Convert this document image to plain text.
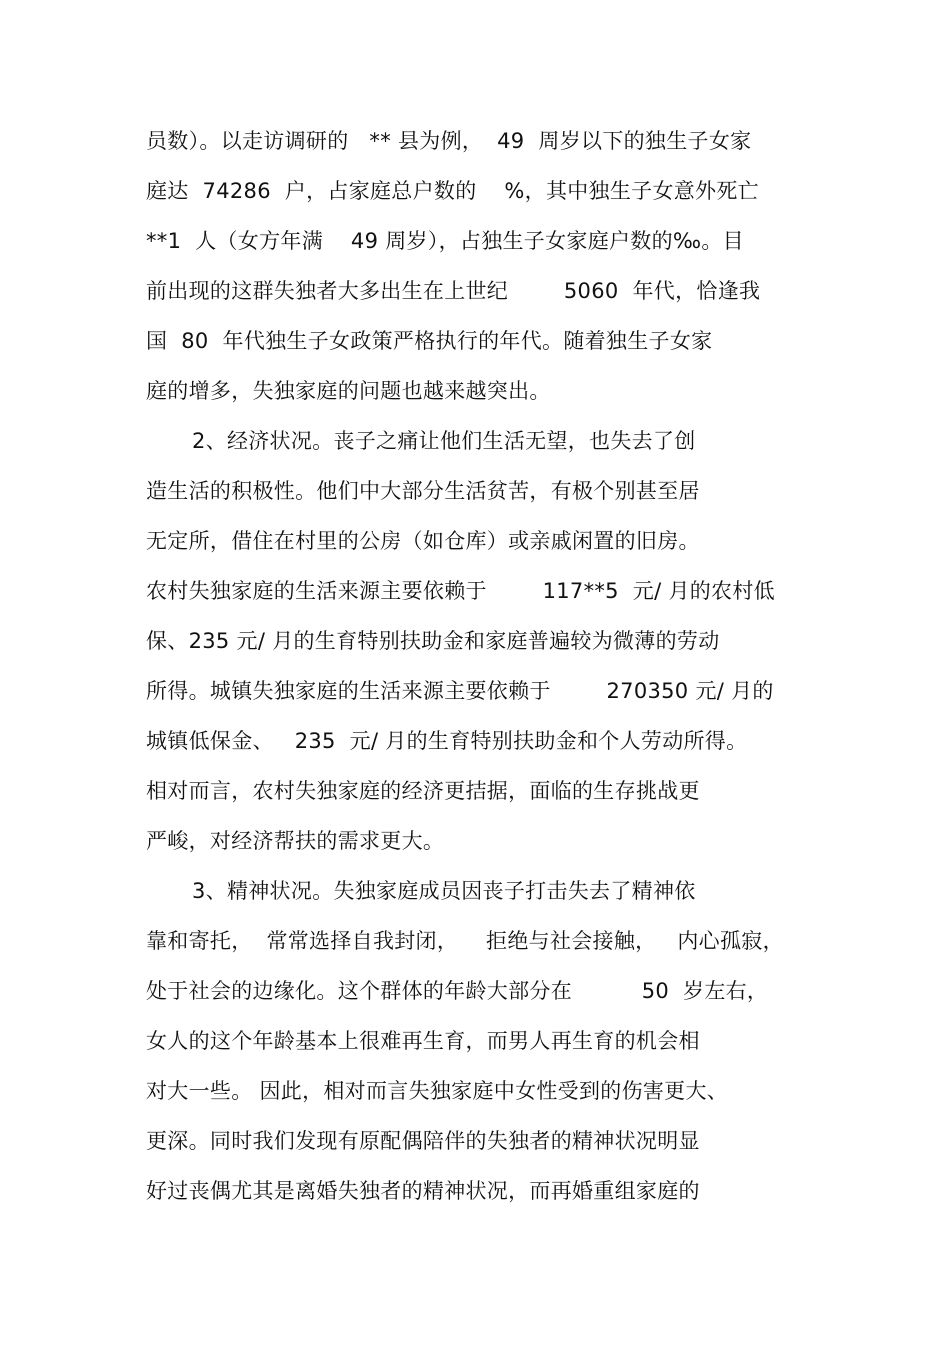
员数）。以走访调研的   ** 县为例，  49  周岁以下的独生子女家
庭达  74286  户，占家庭总户数的    %，其中独生子女意外死亡
**1  人（女方年满    49 周岁），占独生子女家庭户数的‰。目
前出现的这群失独者大多出生在上世纪        5060  年代，恰逢我
国  80  年代独生子女政策严格执行的年代。随着独生子女家
庭的增多，失独家庭的问题也越来越突出。
2、经济状况。丧子之痛让他们生活无望，也失去了创
造生活的积极性。他们中大部分生活贫苦，有极个别甚至居
无定所，借住在村里的公房（如仓库）或亲戚闲置的旧房。
农村失独家庭的生活来源主要依赖于        117**5  元/ 月的农村低
保、235 元/ 月的生育特别扶助金和家庭普遍较为微薄的劳动
所得。城镇失独家庭的生活来源主要依赖于        270350 元/ 月的
城镇低保金、   235  元/ 月的生育特别扶助金和个人劳动所得。
相对而言，农村失独家庭的经济更拮据，面临的生存挑战更
严峻，对经济帮扶的需求更大。
3、精神状况。失独家庭成员因丧子打击失去了精神依
靠和寄托，  常常选择自我封闭，    拒绝与社会接触，   内心孤寂，
处于社会的边缘化。这个群体的年龄大部分在          50  岁左右，
女人的这个年龄基本上很难再生育，而男人再生育的机会相
对大一些。 因此，相对而言失独家庭中女性受到的伤害更大、
更深。同时我们发现有原配偶陪伴的失独者的精神状况明显
好过丧偶尤其是离婚失独者的精神状况，而再婚重组家庭的
